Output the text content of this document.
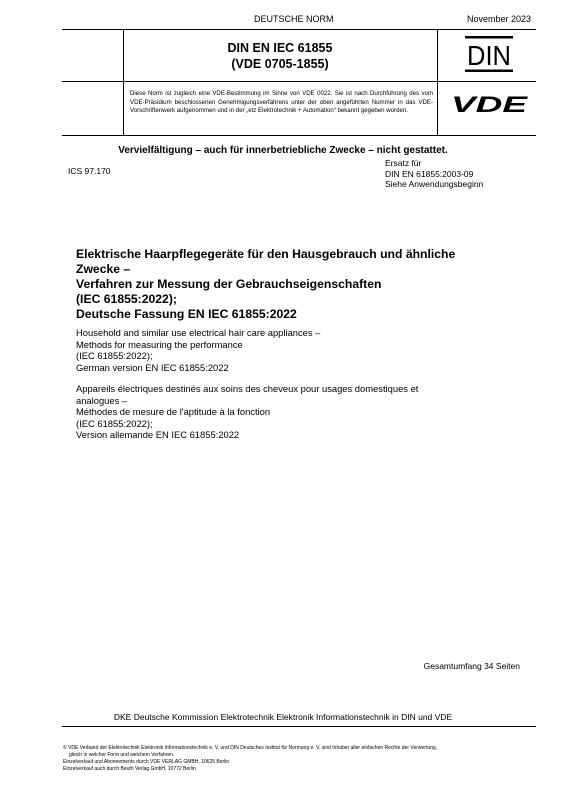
DEUTSCHE NORM	November 2023
DIN EN IEC 61855
(VDE 0705-1855)	DIN
Diese Norm ist zugleich eine VDE-Bestimmung im Sinne von VDE 0022. Sie ist nach Durchführung des vom VDE-Präsidium beschlossenen Genehmigungsverfahrens unter der oben angeführten Nummer in das VDE-Vorschriftenwerk aufgenommen und in der „etz Elektrotechnik + Automation“ bekannt gegeben worden.	VDE
Vervielfältigung – auch für innerbetriebliche Zwecke – nicht gestattet.
ICS 97.170
Ersatz für
DIN EN 61855:2003-09
Siehe Anwendungsbeginn
Elektrische Haarpflegegeräte für den Hausgebrauch und ähnliche
Zwecke –
Verfahren zur Messung der Gebrauchseigenschaften
(IEC 61855:2022);
Deutsche Fassung EN IEC 61855:2022
Household and similar use electrical hair care appliances –
Methods for measuring the performance
(IEC 61855:2022);
German version EN IEC 61855:2022
Appareils électriques destinés aux soins des cheveux pour usages domestiques et
analogues –
Méthodes de mesure de l'aptitude à la fonction
(IEC 61855:2022);
Version allemande EN IEC 61855:2022
Gesamtumfang 34 Seiten
DKE Deutsche Kommission Elektrotechnik Elektronik Informationstechnik in DIN und VDE
© VDE Verband der Elektrotechnik Elektronik Informationstechnik e. V. und DIN Deutsches Institut für Normung e. V. sind Inhaber aller einfachen Rechte der Verwertung,
gleich in welcher Form und welchem Verfahren.
Einzelverkauf und Abonnements durch VDE VERLAG GMBH, 10625 Berlin
Einzelverkauf auch durch Beuth Verlag GmbH, 10772 Berlin
